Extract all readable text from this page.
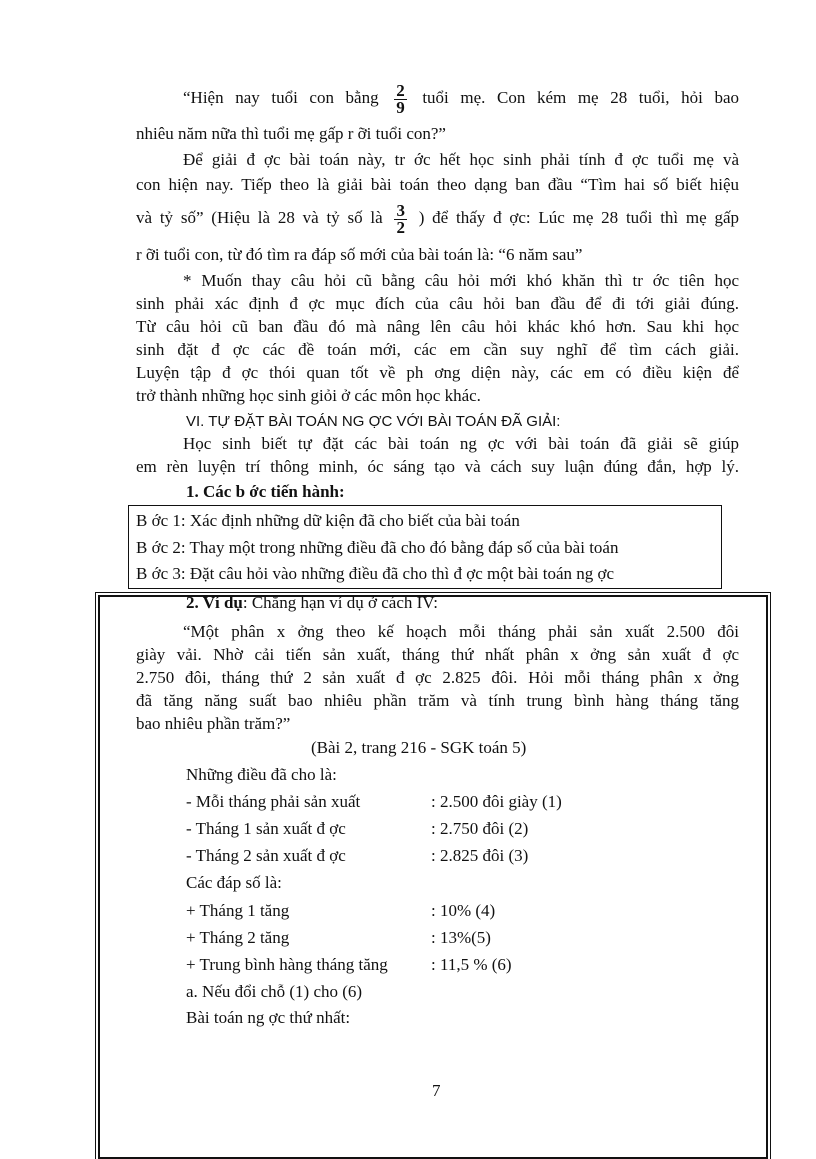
“Hiện nay tuổi con bằng $\frac{2}{9}$ tuổi mẹ. Con kém mẹ 28 tuổi, hỏi bao
nhiêu năm nữa thì tuổi mẹ gấp r ỡi tuổi con?”
Để giải đ ợc bài toán này, tr ớc hết học sinh phải tính đ ợc tuổi mẹ và
con hiện nay. Tiếp theo là giải bài toán theo dạng ban đầu “Tìm hai số biết hiệu
và tỷ số” (Hiệu là 28 và tỷ số là $\frac{3}{2}$ ) để thấy đ ợc: Lúc mẹ 28 tuổi thì mẹ gấp
r ỡi tuổi con, từ đó tìm ra đáp số mới của bài toán là: “6 năm sau”
* Muốn thay câu hỏi cũ bằng câu hỏi mới khó khăn thì tr ớc tiên học
sinh phải xác định đ ợc mục đích của câu hỏi ban đầu để đi tới giải đúng.
Từ câu hỏi cũ ban đầu đó mà nâng lên câu hỏi khác khó hơn. Sau khi học
sinh đặt đ ợc các đề toán mới, các em cần suy nghĩ để tìm cách giải.
Luyện tập đ ợc thói quan tốt về ph ơng diện này, các em có điều kiện để
trở thành những học sinh giỏi ở các môn học khác.
VI. TỰ ĐẶT BÀI TOÁN NG ỢC VỚI BÀI TOÁN ĐÃ GIẢI:
Học sinh biết tự đặt các bài toán ng ợc với bài toán đã giải sẽ giúp
em rèn luyện trí thông minh, óc sáng tạo và cách suy luận đúng đắn, hợp lý.
1. Các b ớc tiến hành:
B ớc 1: Xác định những dữ kiện đã cho biết của bài toán
B ớc 2: Thay một trong những điều đã cho đó bằng đáp số của bài toán
B ớc 3: Đặt câu hỏi vào những điều đã cho thì đ ợc một bài toán ng ợc
2. Ví dụ: Chẳng hạn ví dụ ở cách IV:
“Một phân x ởng theo kế hoạch mỗi tháng phải sản xuất 2.500 đôi
giày vải. Nhờ cải tiến sản xuất, tháng thứ nhất phân x ởng sản xuất đ ợc
2.750 đôi, tháng thứ 2 sản xuất đ ợc 2.825 đôi. Hỏi mỗi tháng phân x ởng
đã tăng năng suất bao nhiêu phần trăm và tính trung bình hàng tháng tăng
bao nhiêu phần trăm?”
(Bài 2, trang 216 - SGK toán 5)
Những điều đã cho là:
- Mỗi tháng phải sản xuất	: 2.500 đôi giày (1)
- Tháng 1 sản xuất đ ợc	: 2.750 đôi (2)
- Tháng 2 sản xuất đ ợc	: 2.825 đôi (3)
Các đáp số là:
+ Tháng 1 tăng	: 10% (4)
+ Tháng 2 tăng	: 13%(5)
+ Trung bình hàng tháng tăng	: 11,5 % (6)
a. Nếu đổi chỗ (1) cho (6)
Bài toán ng ợc thứ nhất:
7
